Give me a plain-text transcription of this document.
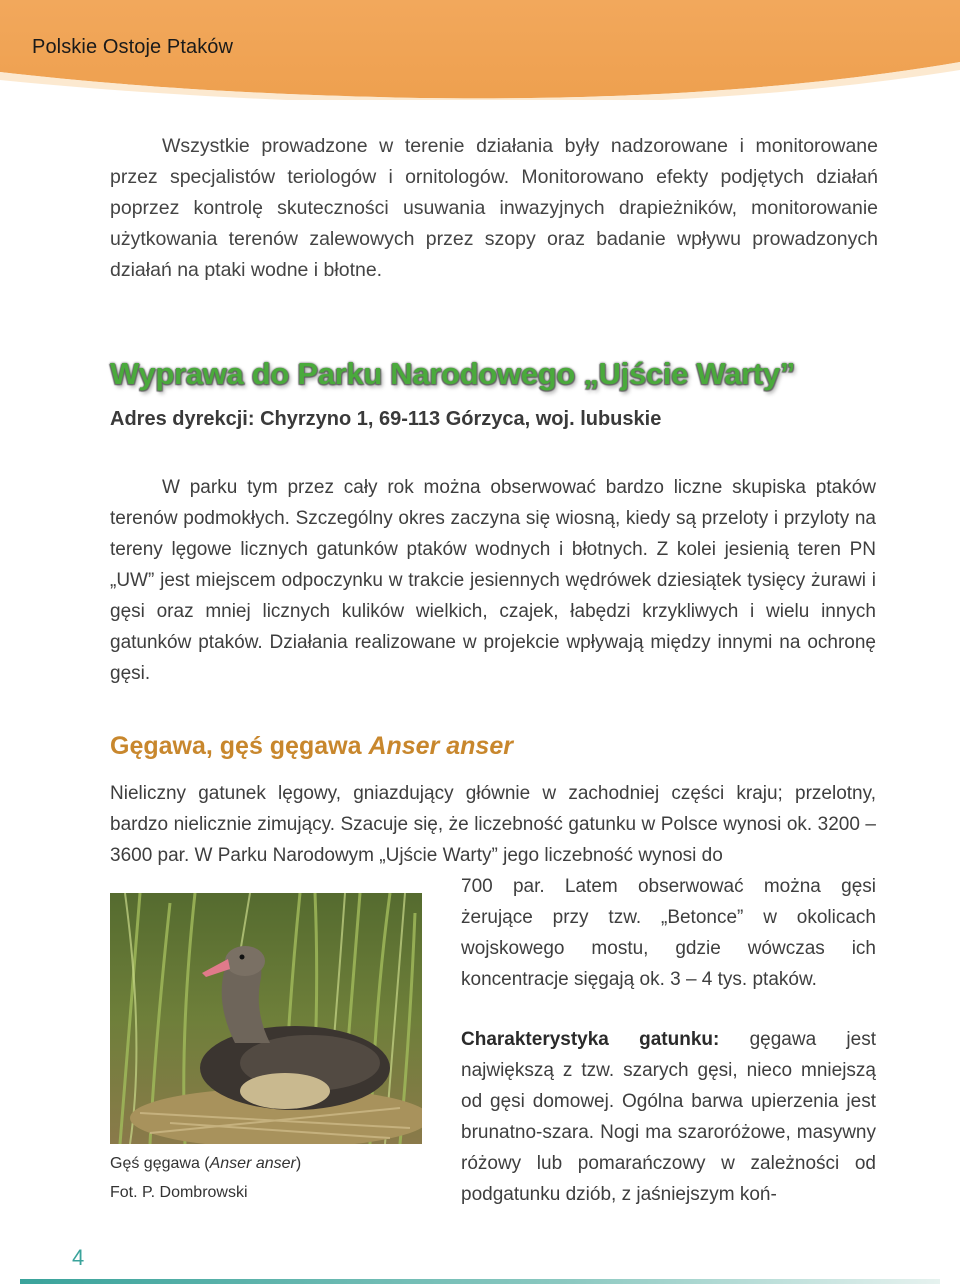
Polskie Ostoje Ptaków

Wszystkie prowadzone w terenie działania były nadzorowane i monitorowane przez specjalistów teriologów i ornitologów. Monitorowano efekty podjętych działań poprzez kontrolę skuteczności usuwania inwazyjnych drapieżników, monitorowanie użytkowania terenów zalewowych przez szopy oraz badanie wpływu prowadzonych działań na ptaki wodne i błotne.

Wyprawa do Parku Narodowego „Ujście Warty”
Adres dyrekcji: Chyrzyno 1, 69-113 Górzyca, woj. lubuskie

W parku tym przez cały rok można obserwować bardzo liczne skupiska ptaków terenów podmokłych. Szczególny okres zaczyna się wiosną, kiedy są przeloty i przyloty na tereny lęgowe licznych gatunków ptaków wodnych i błotnych. Z kolei jesienią teren PN „UW” jest miejscem odpoczynku w trakcie jesiennych wędrówek dziesiątek tysięcy żurawi i gęsi oraz mniej licznych kulików wielkich, czajek, łabędzi krzykliwych i wielu innych gatunków ptaków. Działania realizowane w projekcie wpływają między innymi na ochronę gęsi.

Gęgawa, gęś gęgawa Anser anser

Nieliczny gatunek lęgowy, gniazdujący głównie w zachodniej części kraju; przelotny, bardzo nielicznie zimujący. Szacuje się, że liczebność gatunku w Polsce wynosi ok. 3200 – 3600 par. W Parku Narodowym „Ujście Warty” jego liczebność wynosi do

700 par. Latem obserwować można gęsi żerujące przy tzw. „Betonce” w okolicach wojskowego mostu, gdzie wówczas ich koncentracje sięgają ok. 3 – 4 tys. ptaków.

Charakterystyka gatunku: gęgawa jest największą z tzw. szarych gęsi, nieco mniejszą od gęsi domowej. Ogólna barwa upierzenia jest brunatno-szara. Nogi ma szaroróżowe, masywny różowy lub pomarańczowy w zależności od podgatunku dziób, z jaśniejszym koń-

Gęś gęgawa (Anser anser)
Fot. P. Dombrowski
4
